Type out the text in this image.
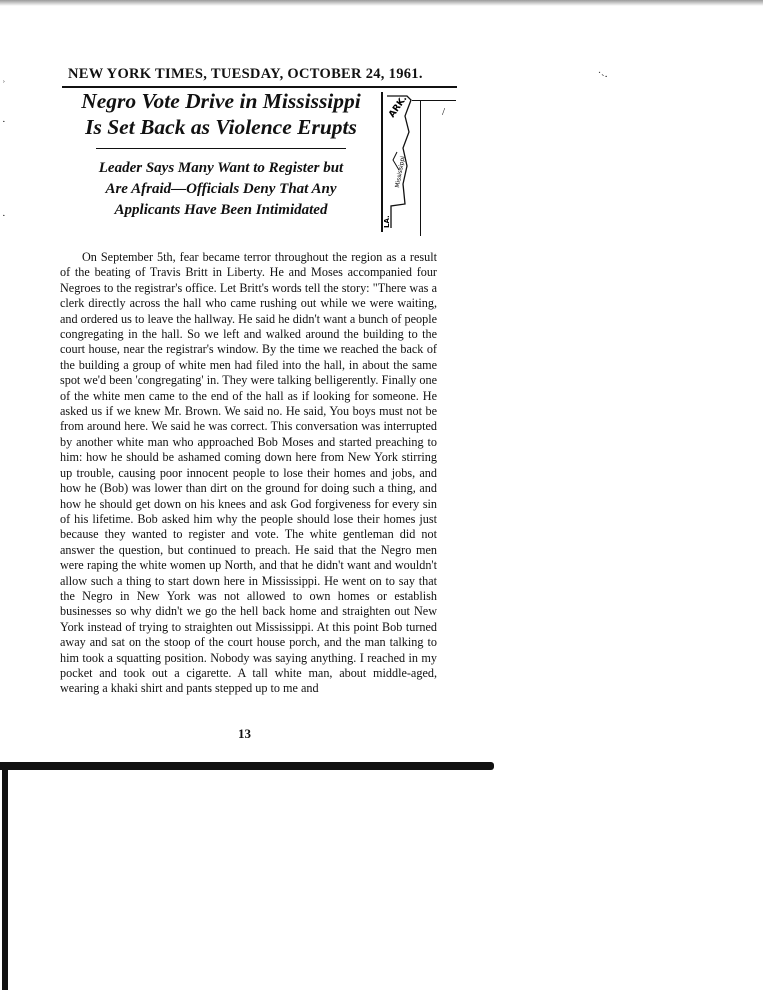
NEW YORK TIMES, TUESDAY, OCTOBER 24, 1961.
Negro Vote Drive in Mississippi
Is Set Back as Violence Erupts
Leader Says Many Want to Register but
Are Afraid—Officials Deny That Any
Applicants Have Been Intimidated
ARK.
Mississippi
LA.
/

On September 5th, fear became terror throughout the region as a result of the beating of Travis Britt in Liberty. He and Moses accompanied four Negroes to the registrar's office. Let Britt's words tell the story: "There was a clerk directly across the hall who came rushing out while we were waiting, and ordered us to leave the hallway. He said he didn't want a bunch of people congregating in the hall. So we left and walked around the building to the court house, near the registrar's window. By the time we reached the back of the building a group of white men had filed into the hall, in about the same spot we'd been 'congregating' in. They were talking belligerently. Finally one of the white men came to the end of the hall as if looking for someone. He asked us if we knew Mr. Brown. We said no. He said, You boys must not be from around here. We said he was correct. This conversation was interrupted by another white man who approached Bob Moses and started preaching to him: how he should be ashamed coming down here from New York stirring up trouble, causing poor innocent people to lose their homes and jobs, and how he (Bob) was lower than dirt on the ground for doing such a thing, and how he should get down on his knees and ask God forgiveness for every sin of his lifetime. Bob asked him why the people should lose their homes just because they wanted to register and vote. The white gentleman did not answer the question, but continued to preach. He said that the Negro men were raping the white women up North, and that he didn't want and wouldn't allow such a thing to start down here in Mississippi. He went on to say that the Negro in New York was not allowed to own homes or establish businesses so why didn't we go the hell back home and straighten out New York instead of trying to straighten out Mississippi. At this point Bob turned away and sat on the stoop of the court house porch, and the man talking to him took a squatting position. Nobody was saying anything. I reached in my pocket and took out a cigarette. A tall white man, about middle-aged, wearing a khaki shirt and pants stepped up to me and

13
˒
·
·
ˑ˴.
